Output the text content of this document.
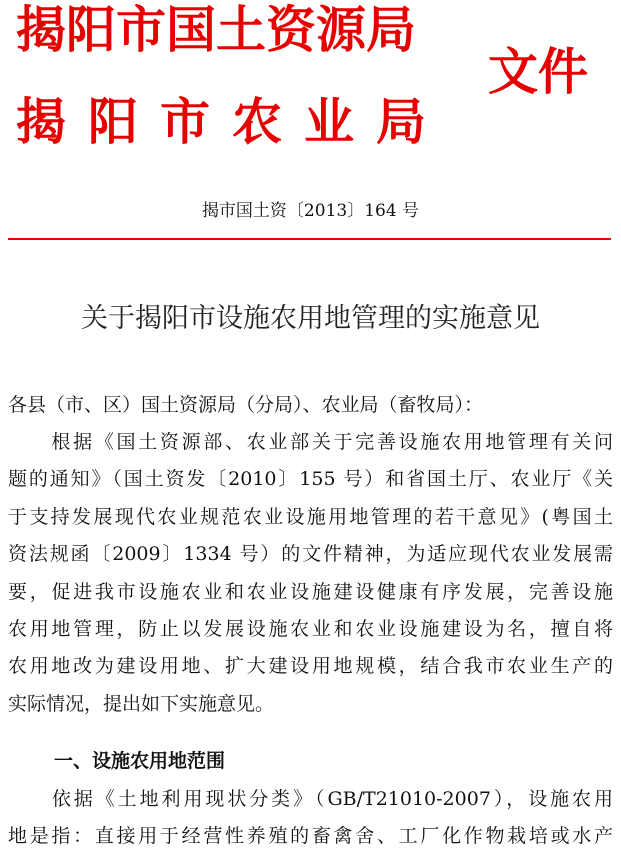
揭阳市国土资源局
揭阳市农业局
文件
揭市国土资〔2013〕164 号
关于揭阳市设施农用地管理的实施意见
各县（市、区）国土资源局（分局）、农业局（畜牧局）：
　　根据《国土资源部、农业部关于完善设施农用地管理有关问
题的通知》（国土资发〔2010〕155 号）和省国土厅、农业厅《关
于支持发展现代农业规范农业设施用地管理的若干意见》(粤国土
资法规函〔2009〕1334 号）的文件精神，为适应现代农业发展需
要，促进我市设施农业和农业设施建设健康有序发展，完善设施
农用地管理，防止以发展设施农业和农业设施建设为名，擅自将
农用地改为建设用地、扩大建设用地规模，结合我市农业生产的
实际情况，提出如下实施意见。
一、设施农用地范围
　　依据《土地利用现状分类》（GB/T21010-2007），设施农用
地是指：直接用于经营性养殖的畜禽舍、工厂化作物栽培或水产
